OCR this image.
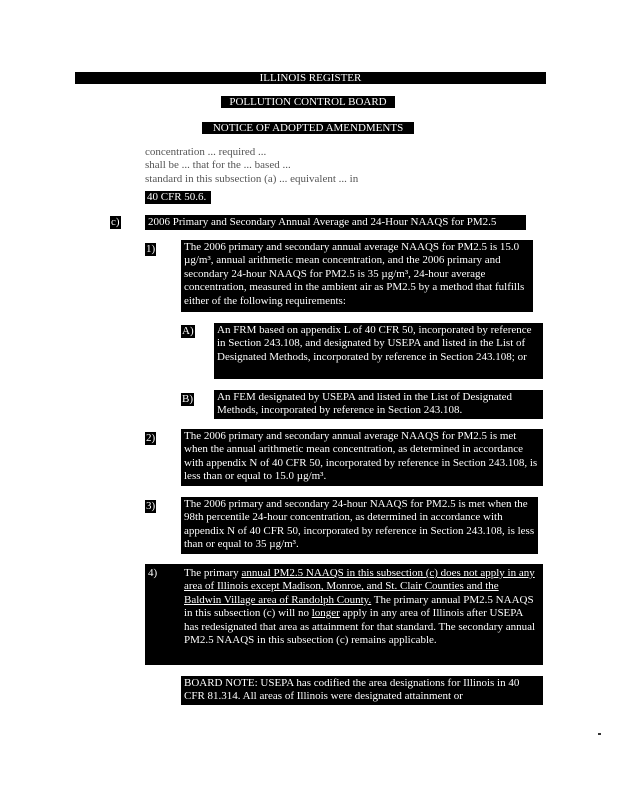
ILLINOIS REGISTER
POLLUTION CONTROL BOARD
NOTICE OF ADOPTED AMENDMENTS
concentration ... required ...
shall be ... that for the ... based ...
standard in this subsection (a) ... equivalent ... in
40 CFR 50.6.
c)	2006 Primary and Secondary Annual Average and 24-Hour NAAQS for PM2.5
1)	The 2006 primary and secondary annual average NAAQS for PM2.5 is 15.0 µg/m³, annual arithmetic mean concentration, and the 2006 primary and secondary 24-hour NAAQS for PM2.5 is 35 µg/m³, 24-hour average concentration, measured in the ambient air as PM2.5 by a method that fulfills either of the following requirements:
A) An FRM based on appendix L of 40 CFR 50, incorporated by reference in Section 243.108, and designated by USEPA and listed in the List of Designated Methods, incorporated by reference in Section 243.108; or
B) An FEM designated by USEPA and listed in the List of Designated Methods, incorporated by reference in Section 243.108.
2)	The 2006 primary and secondary annual average NAAQS for PM2.5 is met when the annual arithmetic mean concentration, as determined in accordance with appendix N of 40 CFR 50, incorporated by reference in Section 243.108, is less than or equal to 15.0 µg/m³.
3)	The 2006 primary and secondary 24-hour NAAQS for PM2.5 is met when the 98th percentile 24-hour concentration, as determined in accordance with appendix N of 40 CFR 50, incorporated by reference in Section 243.108, is less than or equal to 35 µg/m³.
4) The primary annual PM2.5 NAAQS in this subsection (c) does not apply in any area of Illinois except Madison, Monroe, and St. Clair Counties and the Baldwin Village area of Randolph County. The primary annual PM2.5 NAAQS in this subsection (c) will no longer apply in any area of Illinois after USEPA has redesignated that area as attainment for that standard. The secondary annual PM2.5 NAAQS in this subsection (c) remains applicable.
BOARD NOTE: USEPA has codified the area designations for Illinois in 40 CFR 81.314. All areas of Illinois were designated attainment or
